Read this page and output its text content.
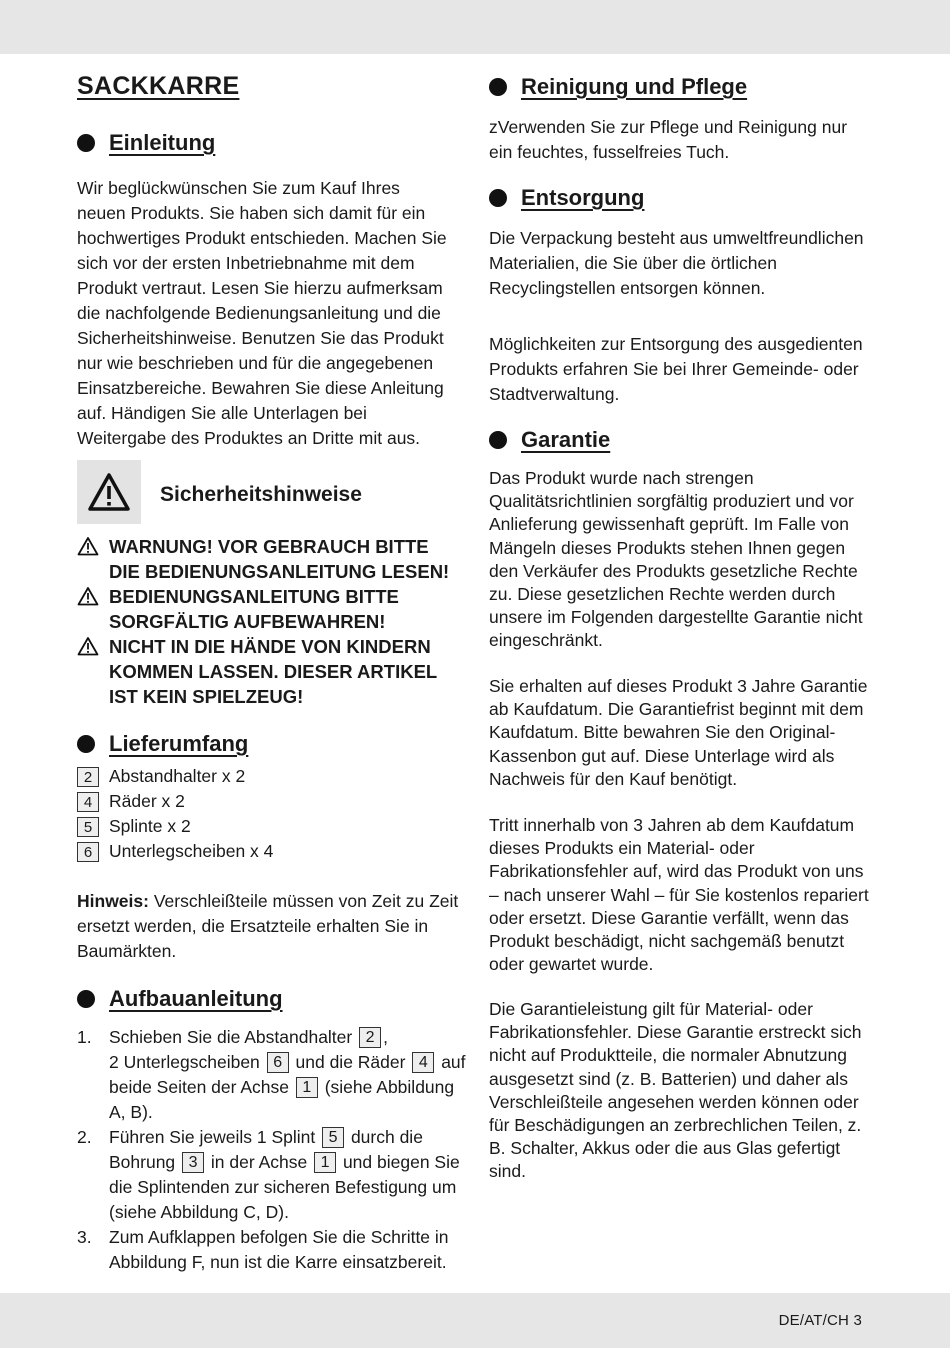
DE/AT/CH 3
SACKKARRE
Einleitung

Wir beglückwünschen Sie zum Kauf Ihres neuen Produkts. Sie haben sich damit für ein hochwertiges Produkt entschieden. Machen Sie sich vor der ersten Inbetriebnahme mit dem Produkt vertraut. Lesen Sie hierzu aufmerksam die nachfolgende Bedienungsanleitung und die Sicherheitshinweise. Benutzen Sie das Produkt nur wie beschrieben und für die angegebenen Einsatzbereiche. Bewahren Sie diese Anleitung auf. Händigen Sie alle Unterlagen bei Weitergabe des Produktes an Dritte mit aus.

Sicherheitshinweise
WARNUNG! VOR GEBRAUCH BITTE DIE BEDIENUNGSANLEITUNG LESEN!
BEDIENUNGSANLEITUNG BITTE SORGFÄLTIG AUFBEWAHREN!
NICHT IN DIE HÄNDE VON KINDERN KOMMEN LASSEN. DIESER ARTIKEL IST KEIN SPIELZEUG!
Lieferumfang
2 Abstandhalter x 2
4 Räder x 2
5 Splinte x 2
6 Unterlegscheiben x 4

Hinweis: Verschleißteile müssen von Zeit zu Zeit ersetzt werden, die Ersatzteile erhalten Sie in Baumärkten.

Aufbauanleitung
1. Schieben Sie die Abstandhalter 2 ,
2 Unterlegscheiben 6 und die Räder 4 auf
beide Seiten der Achse 1 (siehe Abbildung
A, B).
2. Führen Sie jeweils 1 Splint 5 durch die
Bohrung 3 in der Achse 1 und biegen Sie
die Splintenden zur sicheren Befestigung um
(siehe Abbildung C, D).
3. Zum Aufklappen befolgen Sie die Schritte in Abbildung F, nun ist die Karre einsatzbereit.
Reinigung und Pflege

zVerwenden Sie zur Pflege und Reinigung nur ein feuchtes, fusselfreies Tuch.

Entsorgung

Die Verpackung besteht aus umweltfreundlichen Materialien, die Sie über die örtlichen Recyclingstellen entsorgen können.

Möglichkeiten zur Entsorgung des ausgedienten Produkts erfahren Sie bei Ihrer Gemeinde- oder Stadtverwaltung.

Garantie

Das Produkt wurde nach strengen Qualitätsrichtlinien sorgfältig produziert und vor Anlieferung gewissenhaft geprüft. Im Falle von Mängeln dieses Produkts stehen Ihnen gegen den Verkäufer des Produkts gesetzliche Rechte zu. Diese gesetzlichen Rechte werden durch unsere im Folgenden dargestellte Garantie nicht eingeschränkt.

Sie erhalten auf dieses Produkt 3 Jahre Garantie ab Kaufdatum. Die Garantiefrist beginnt mit dem Kaufdatum. Bitte bewahren Sie den Original-Kassenbon gut auf. Diese Unterlage wird als Nachweis für den Kauf benötigt.

Tritt innerhalb von 3 Jahren ab dem Kaufdatum dieses Produkts ein Material- oder Fabrikationsfehler auf, wird das Produkt von uns – nach unserer Wahl – für Sie kostenlos repariert oder ersetzt. Diese Garantie verfällt, wenn das Produkt beschädigt, nicht sachgemäß benutzt oder gewartet wurde.

Die Garantieleistung gilt für Material- oder Fabrikationsfehler. Diese Garantie erstreckt sich nicht auf Produktteile, die normaler Abnutzung ausgesetzt sind (z. B. Batterien) und daher als Verschleißteile angesehen werden können oder für Beschädigungen an zerbrechlichen Teilen, z. B. Schalter, Akkus oder die aus Glas gefertigt sind.
